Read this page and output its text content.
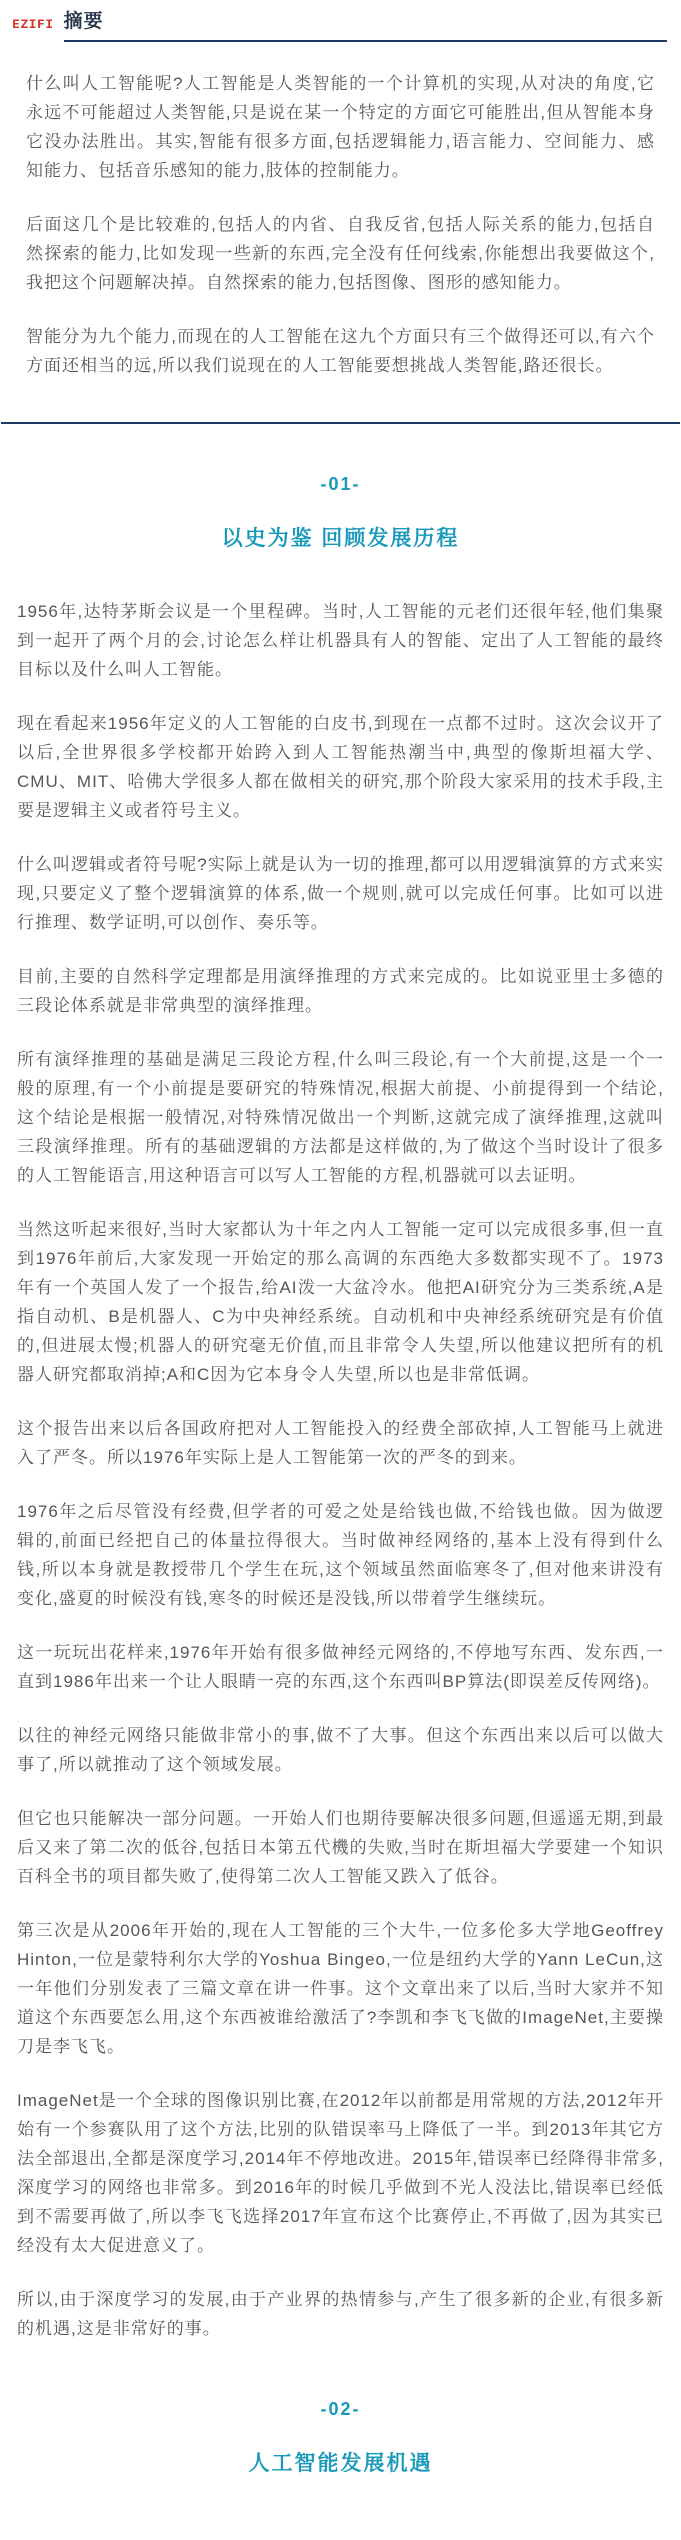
EZIFI 摘要

什么叫人工智能呢?人工智能是人类智能的一个计算机的实现,从对决的角度,它永远不可能超过人类智能,只是说在某一个特定的方面它可能胜出,但从智能本身它没办法胜出。其实,智能有很多方面,包括逻辑能力,语言能力、空间能力、感知能力、包括音乐感知的能力,肢体的控制能力。

后面这几个是比较难的,包括人的内省、自我反省,包括人际关系的能力,包括自然探索的能力,比如发现一些新的东西,完全没有任何线索,你能想出我要做这个,我把这个问题解决掉。自然探索的能力,包括图像、图形的感知能力。

智能分为九个能力,而现在的人工智能在这九个方面只有三个做得还可以,有六个方面还相当的远,所以我们说现在的人工智能要想挑战人类智能,路还很长。

-01-
以史为鉴 回顾发展历程

1956年,达特茅斯会议是一个里程碑。当时,人工智能的元老们还很年轻,他们集聚到一起开了两个月的会,讨论怎么样让机器具有人的智能、定出了人工智能的最终目标以及什么叫人工智能。

现在看起来1956年定义的人工智能的白皮书,到现在一点都不过时。这次会议开了以后,全世界很多学校都开始跨入到人工智能热潮当中,典型的像斯坦福大学、CMU、MIT、哈佛大学很多人都在做相关的研究,那个阶段大家采用的技术手段,主要是逻辑主义或者符号主义。

什么叫逻辑或者符号呢?实际上就是认为一切的推理,都可以用逻辑演算的方式来实现,只要定义了整个逻辑演算的体系,做一个规则,就可以完成任何事。比如可以进行推理、数学证明,可以创作、奏乐等。

目前,主要的自然科学定理都是用演绎推理的方式来完成的。比如说亚里士多德的三段论体系就是非常典型的演绎推理。

所有演绎推理的基础是满足三段论方程,什么叫三段论,有一个大前提,这是一个一般的原理,有一个小前提是要研究的特殊情况,根据大前提、小前提得到一个结论,这个结论是根据一般情况,对特殊情况做出一个判断,这就完成了演绎推理,这就叫三段演绎推理。所有的基础逻辑的方法都是这样做的,为了做这个当时设计了很多的人工智能语言,用这种语言可以写人工智能的方程,机器就可以去证明。

当然这听起来很好,当时大家都认为十年之内人工智能一定可以完成很多事,但一直到1976年前后,大家发现一开始定的那么高调的东西绝大多数都实现不了。1973年有一个英国人发了一个报告,给AI泼一大盆冷水。他把AI研究分为三类系统,A是指自动机、B是机器人、C为中央神经系统。自动机和中央神经系统研究是有价值的,但进展太慢;机器人的研究毫无价值,而且非常令人失望,所以他建议把所有的机器人研究都取消掉;A和C因为它本身令人失望,所以也是非常低调。

这个报告出来以后各国政府把对人工智能投入的经费全部砍掉,人工智能马上就进入了严冬。所以1976年实际上是人工智能第一次的严冬的到来。

1976年之后尽管没有经费,但学者的可爱之处是给钱也做,不给钱也做。因为做逻辑的,前面已经把自己的体量拉得很大。当时做神经网络的,基本上没有得到什么钱,所以本身就是教授带几个学生在玩,这个领域虽然面临寒冬了,但对他来讲没有变化,盛夏的时候没有钱,寒冬的时候还是没钱,所以带着学生继续玩。

这一玩玩出花样来,1976年开始有很多做神经元网络的,不停地写东西、发东西,一直到1986年出来一个让人眼睛一亮的东西,这个东西叫BP算法(即误差反传网络)。

以往的神经元网络只能做非常小的事,做不了大事。但这个东西出来以后可以做大事了,所以就推动了这个领域发展。

但它也只能解决一部分问题。一开始人们也期待要解决很多问题,但遥遥无期,到最后又来了第二次的低谷,包括日本第五代機的失败,当时在斯坦福大学要建一个知识百科全书的项目都失败了,使得第二次人工智能又跌入了低谷。

第三次是从2006年开始的,现在人工智能的三个大牛,一位多伦多大学地Geoffrey Hinton,一位是蒙特利尔大学的Yoshua Bingeo,一位是纽约大学的Yann LeCun,这一年他们分别发表了三篇文章在讲一件事。这个文章出来了以后,当时大家并不知道这个东西要怎么用,这个东西被谁给激活了?李凯和李飞飞做的ImageNet,主要操刀是李飞飞。

ImageNet是一个全球的图像识别比赛,在2012年以前都是用常规的方法,2012年开始有一个参赛队用了这个方法,比别的队错误率马上降低了一半。到2013年其它方法全部退出,全都是深度学习,2014年不停地改进。2015年,错误率已经降得非常多,深度学习的网络也非常多。到2016年的时候几乎做到不光人没法比,错误率已经低到不需要再做了,所以李飞飞选择2017年宣布这个比赛停止,不再做了,因为其实已经没有太大促进意义了。

所以,由于深度学习的发展,由于产业界的热情参与,产生了很多新的企业,有很多新的机遇,这是非常好的事。

-02-
人工智能发展机遇
